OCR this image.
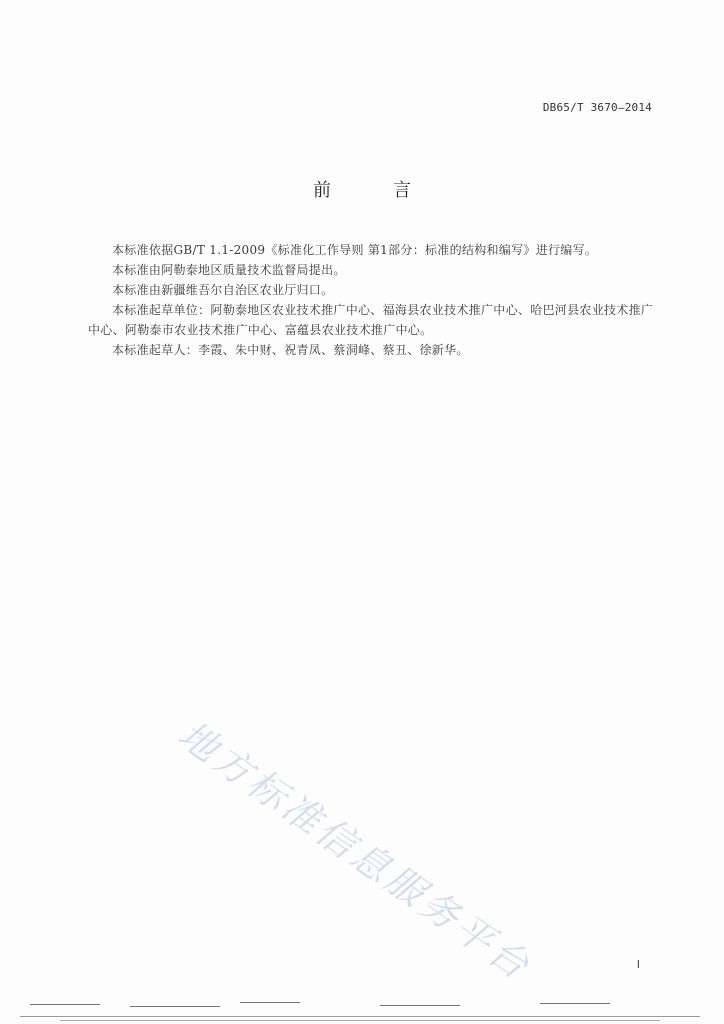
DB65/T 3670—2014
前　言

本标准依据GB/T 1.1-2009《标准化工作导则 第1部分：标准的结构和编写》进行编写。

本标准由阿勒泰地区质量技术监督局提出。

本标准由新疆维吾尔自治区农业厅归口。

本标准起草单位：阿勒泰地区农业技术推广中心、福海县农业技术推广中心、哈巴河县农业技术推广中心、阿勒泰市农业技术推广中心、富蕴县农业技术推广中心。

本标准起草人：李霞、朱中财、祝青凤、蔡洞峰、蔡丑、徐新华。

地方标准信息服务平台	I
